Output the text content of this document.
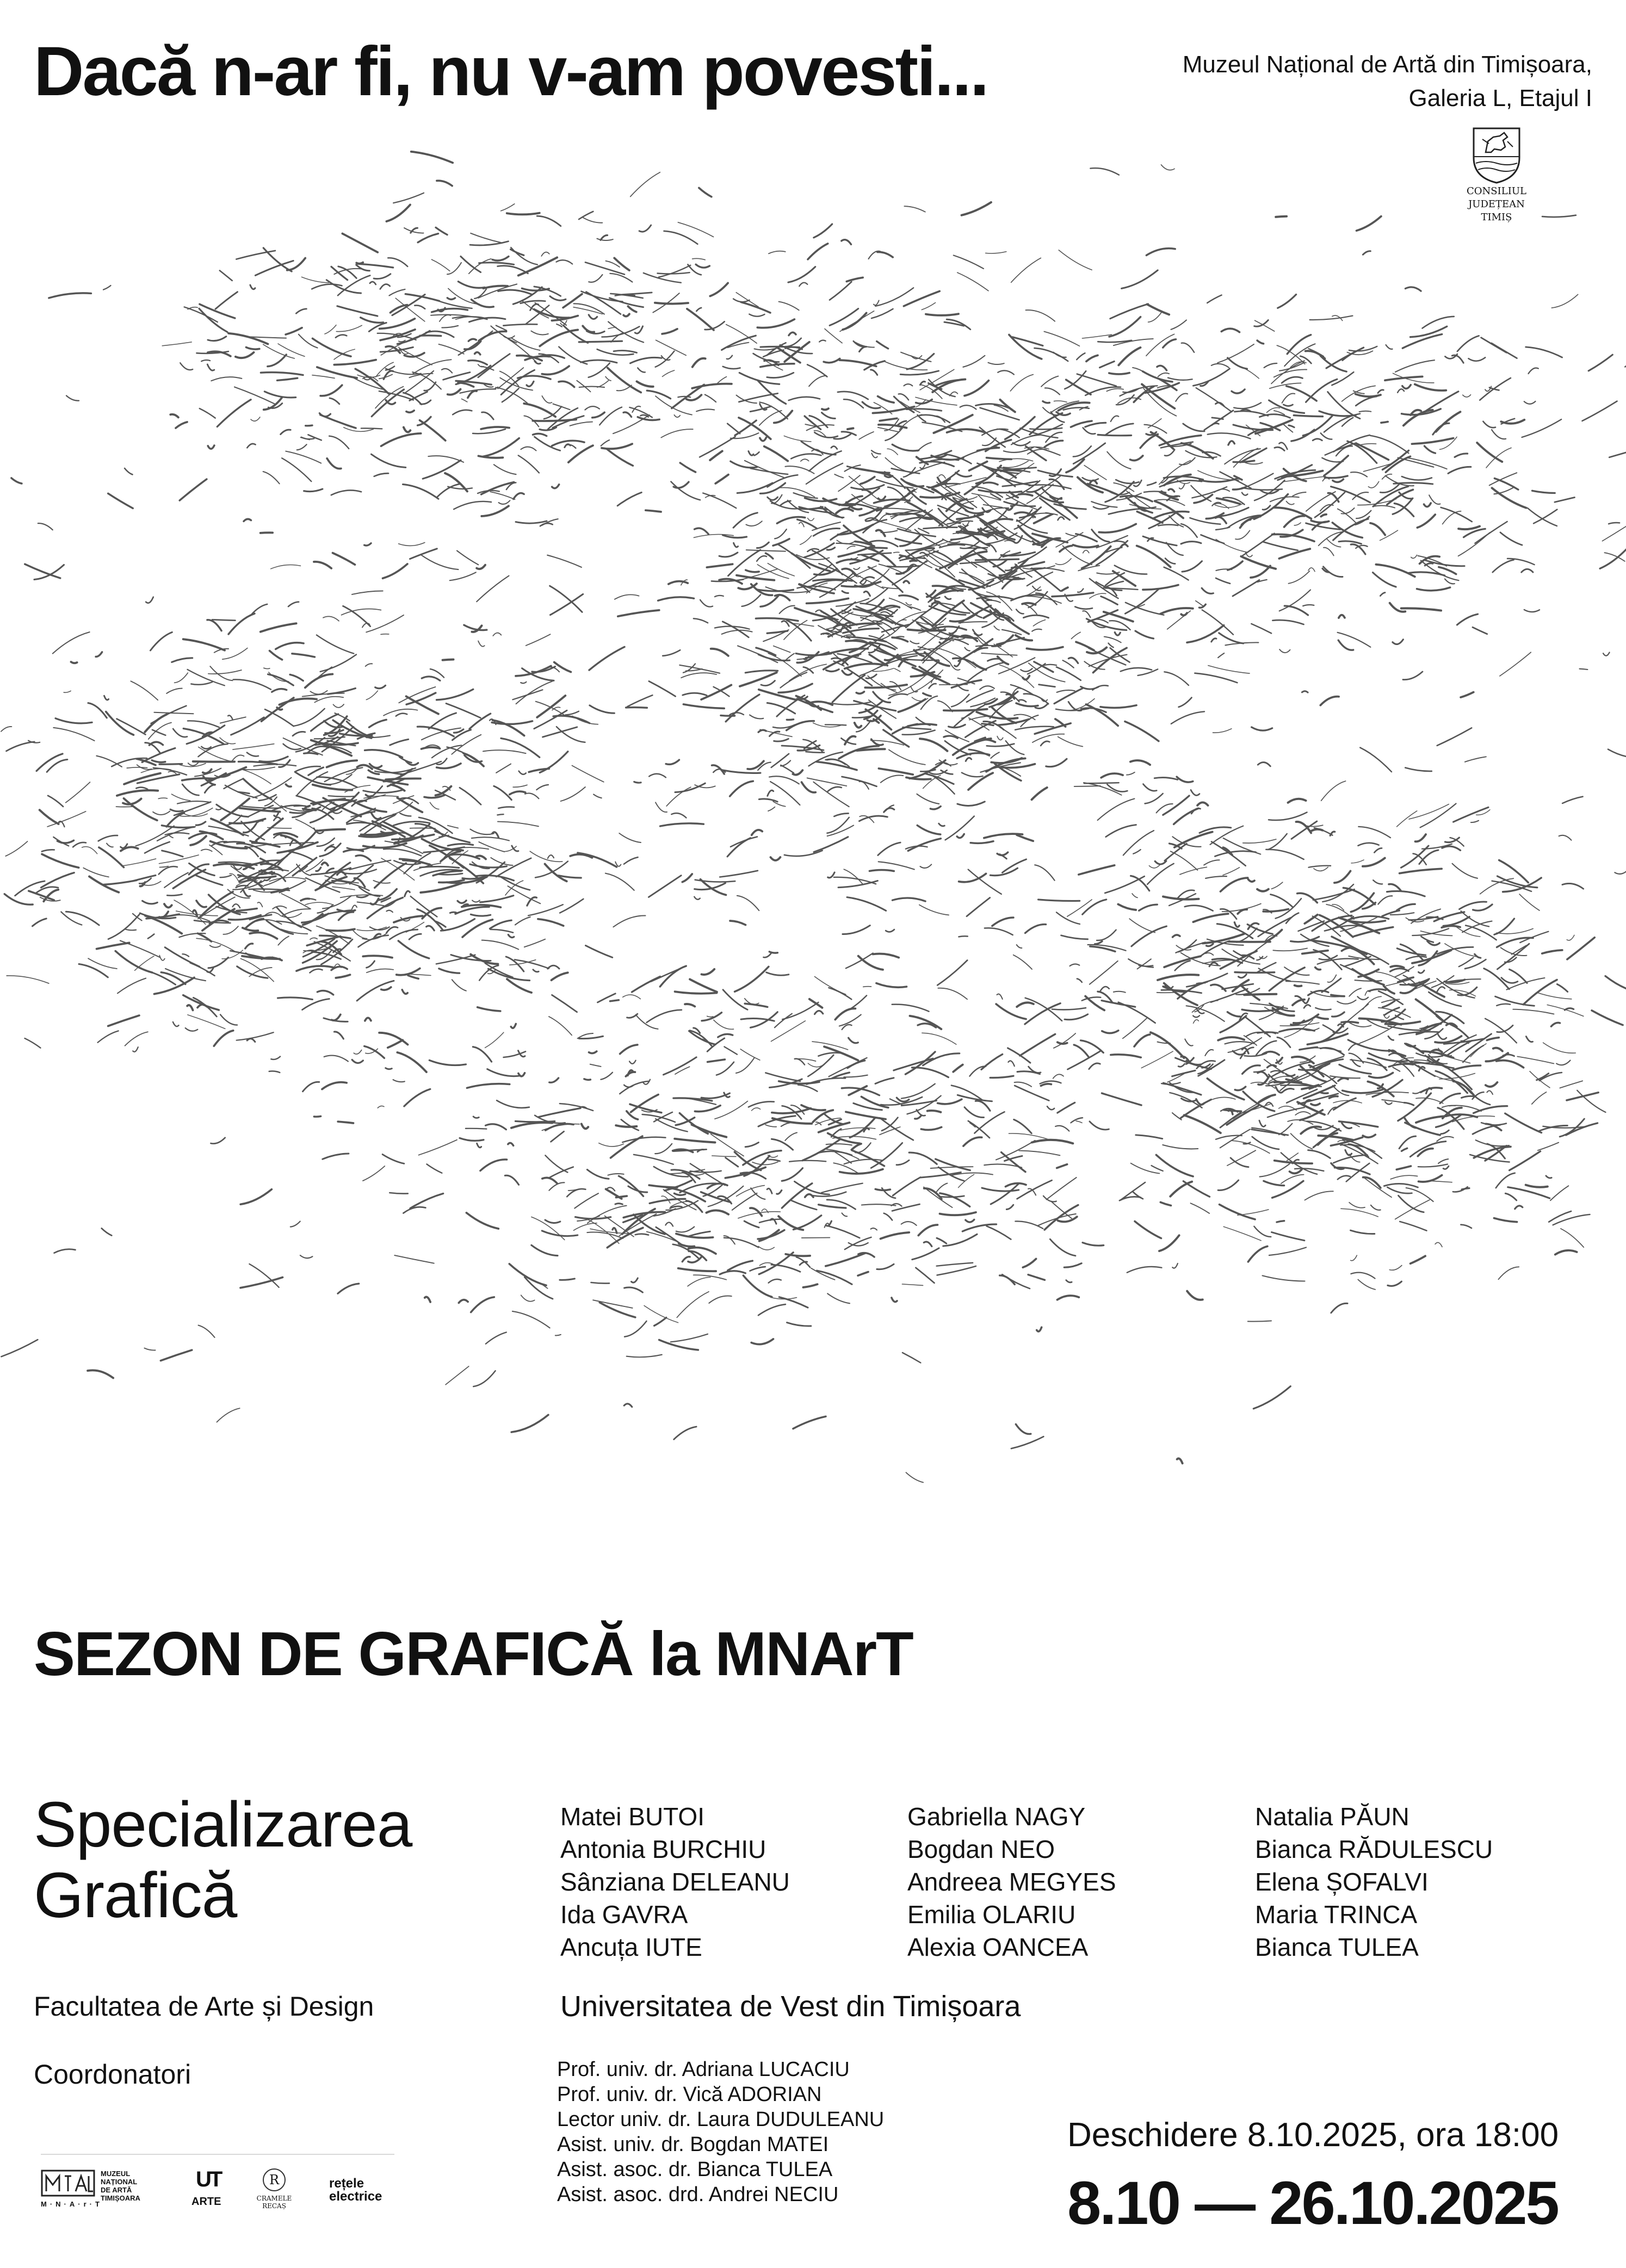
Dacă n-ar fi, nu v-am povesti...	Muzeul Național de Artă din Timișoara,
Galeria L, Etajul I
CONSILIUL JUDEȚEAN
TIMIȘ
SEZON DE GRAFICĂ la MNArT
Specializarea
Grafică
Matei BUTOI
Antonia BURCHIU
Sânziana DELEANU
Ida GAVRA
Ancuța IUTE
Gabriella NAGY
Bogdan NEO
Andreea MEGYES
Emilia OLARIU
Alexia OANCEA
Natalia PĂUN
Bianca RĂDULESCU
Elena ȘOFALVI
Maria TRINCA
Bianca TULEA
Facultatea de Arte și Design	Universitatea de Vest din Timișoara
Coordonatori	Prof. univ. dr. Adriana LUCACIU
Prof. univ. dr. Vică ADORIAN
Lector univ. dr. Laura DUDULEANU
Asist. univ. dr. Bogdan MATEI
Asist. asoc. dr. Bianca TULEA
Asist. asoc. drd. Andrei NECIU
Deschidere 8.10.2025, ora 18:00
8.10 — 26.10.2025
M·N·A·r·T
MUZEUL
NAȚIONAL
DE ARTĂ
TIMIȘOARA
UT
ARTE
R
CRAMELE
RECAȘ
rețele
electrice
